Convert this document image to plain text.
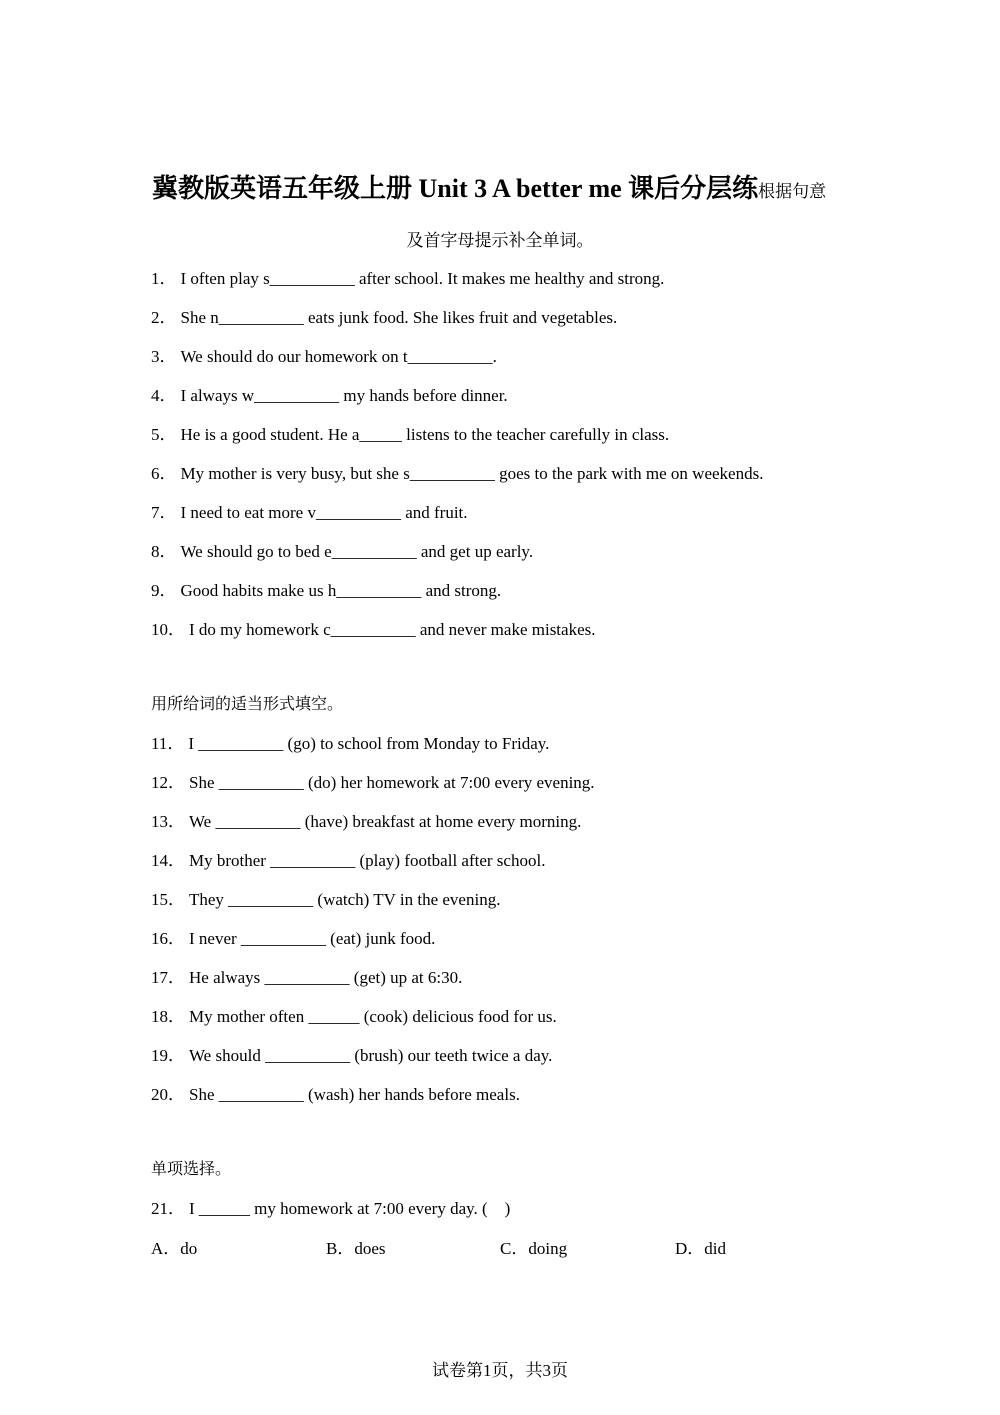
冀教版英语五年级上册 Unit 3 A better me 课后分层练根据句意
及首字母提示补全单词。
1． I often play s__________ after school. It makes me healthy and strong.
2． She n__________ eats junk food. She likes fruit and vegetables.
3． We should do our homework on t__________.
4． I always w__________ my hands before dinner.
5． He is a good student. He a_____ listens to the teacher carefully in class.
6． My mother is very busy, but she s__________ goes to the park with me on weekends.
7． I need to eat more v__________ and fruit.
8． We should go to bed e__________ and get up early.
9． Good habits make us h__________ and strong.
10． I do my homework c__________ and never make mistakes.
用所给词的适当形式填空。
11． I __________ (go) to school from Monday to Friday.
12． She __________ (do) her homework at 7:00 every evening.
13． We __________ (have) breakfast at home every morning.
14． My brother __________ (play) football after school.
15． They __________ (watch) TV in the evening.
16． I never __________ (eat) junk food.
17． He always __________ (get) up at 6:30.
18． My mother often ______ (cook) delicious food for us.
19． We should __________ (brush) our teeth twice a day.
20． She __________ (wash) her hands before meals.
单项选择。
21． I ______ my homework at 7:00 every day. (　)
A．do	B．does	C．doing	D．did
试卷第1页，共3页
